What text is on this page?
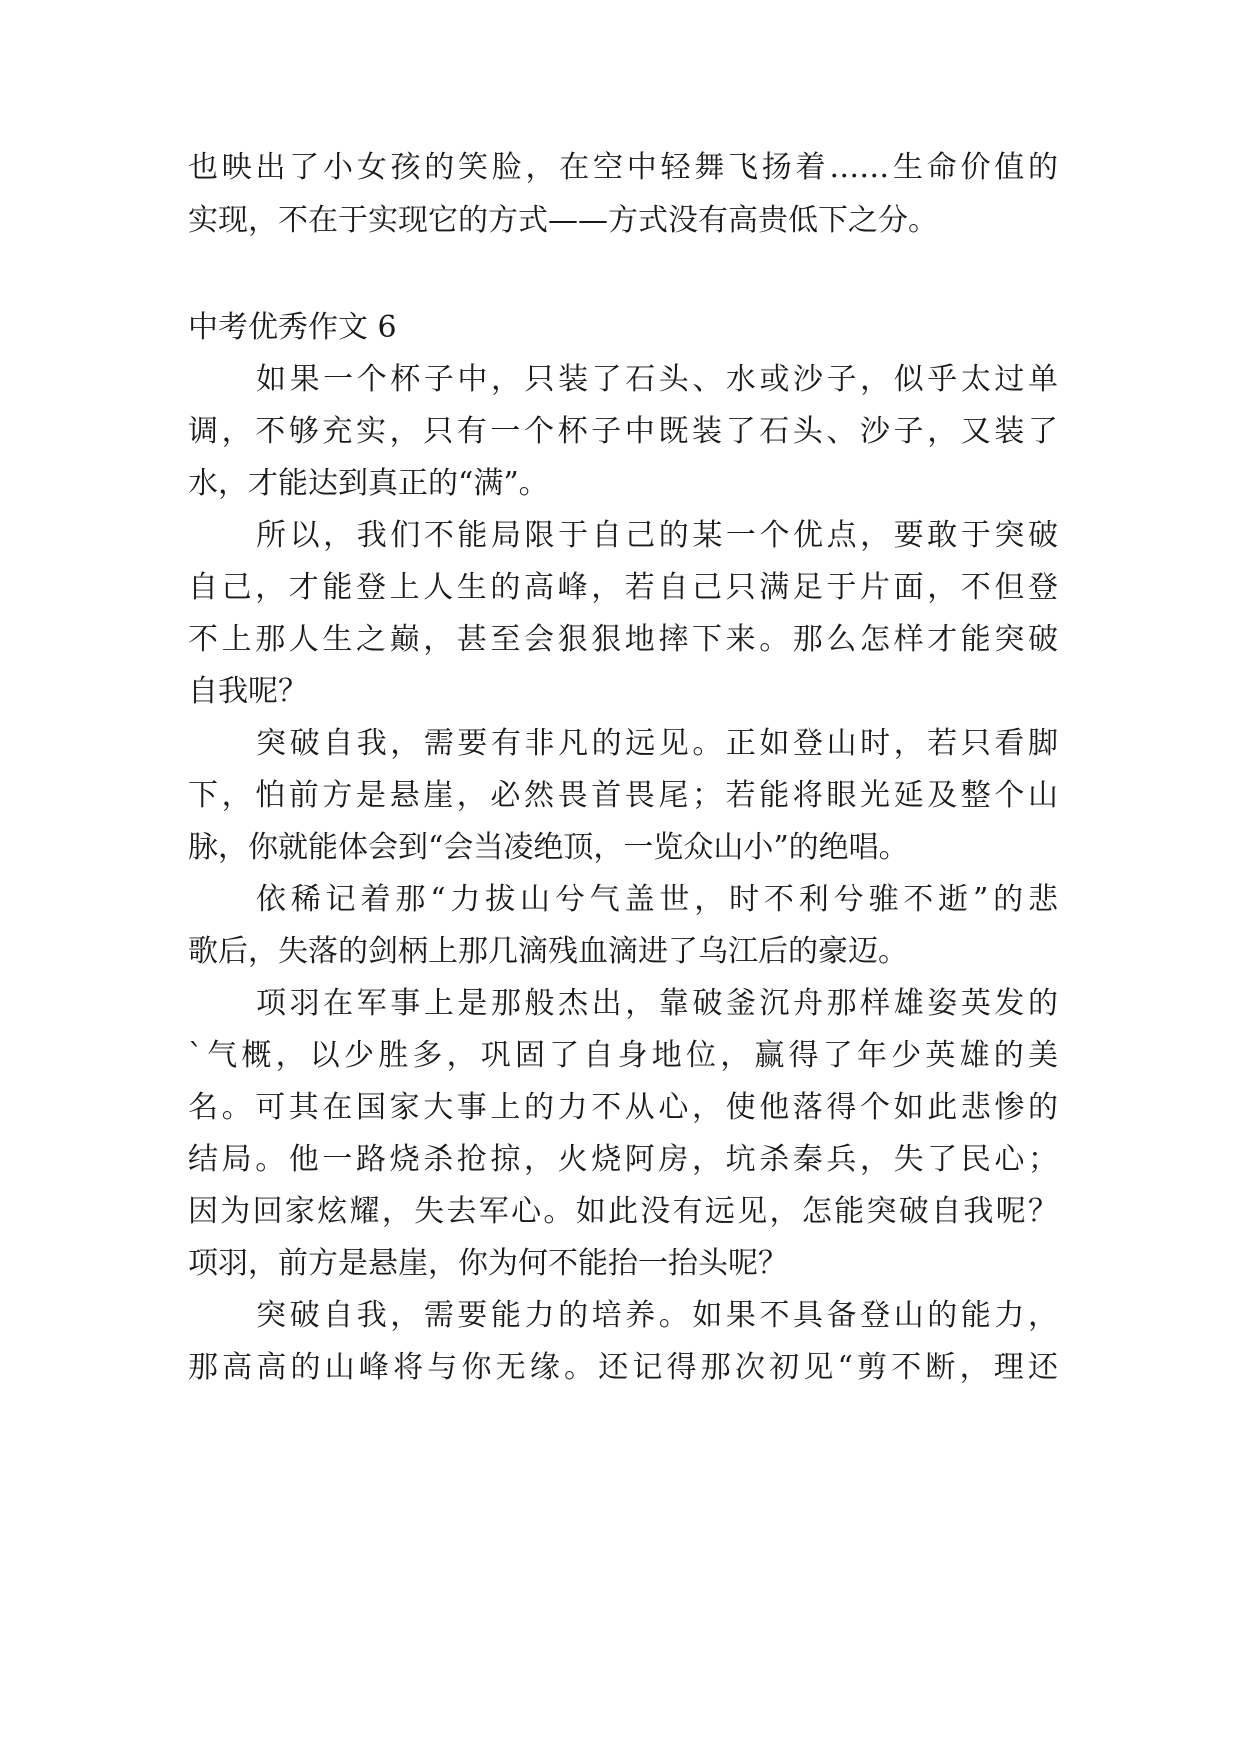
也映出了小女孩的笑脸，在空中轻舞飞扬着……生命价值的

实现，不在于实现它的方式——方式没有高贵低下之分。

中考优秀作文 6

如果一个杯子中，只装了石头、水或沙子，似乎太过单

调，不够充实，只有一个杯子中既装了石头、沙子，又装了

水，才能达到真正的“满”。

所以，我们不能局限于自己的某一个优点，要敢于突破

自己，才能登上人生的高峰，若自己只满足于片面，不但登

不上那人生之巅，甚至会狠狠地摔下来。那么怎样才能突破

自我呢？

突破自我，需要有非凡的远见。正如登山时，若只看脚

下，怕前方是悬崖，必然畏首畏尾；若能将眼光延及整个山

脉，你就能体会到“会当凌绝顶，一览众山小”的绝唱。

依稀记着那“力拔山兮气盖世，时不利兮骓不逝”的悲

歌后，失落的剑柄上那几滴残血滴进了乌江后的豪迈。

项羽在军事上是那般杰出，靠破釜沉舟那样雄姿英发的

`气概，以少胜多，巩固了自身地位，赢得了年少英雄的美

名。可其在国家大事上的力不从心，使他落得个如此悲惨的

结局。他一路烧杀抢掠，火烧阿房，坑杀秦兵，失了民心；

因为回家炫耀，失去军心。如此没有远见，怎能突破自我呢？

项羽，前方是悬崖，你为何不能抬一抬头呢？

突破自我，需要能力的培养。如果不具备登山的能力，

那高高的山峰将与你无缘。还记得那次初见“剪不断，理还
